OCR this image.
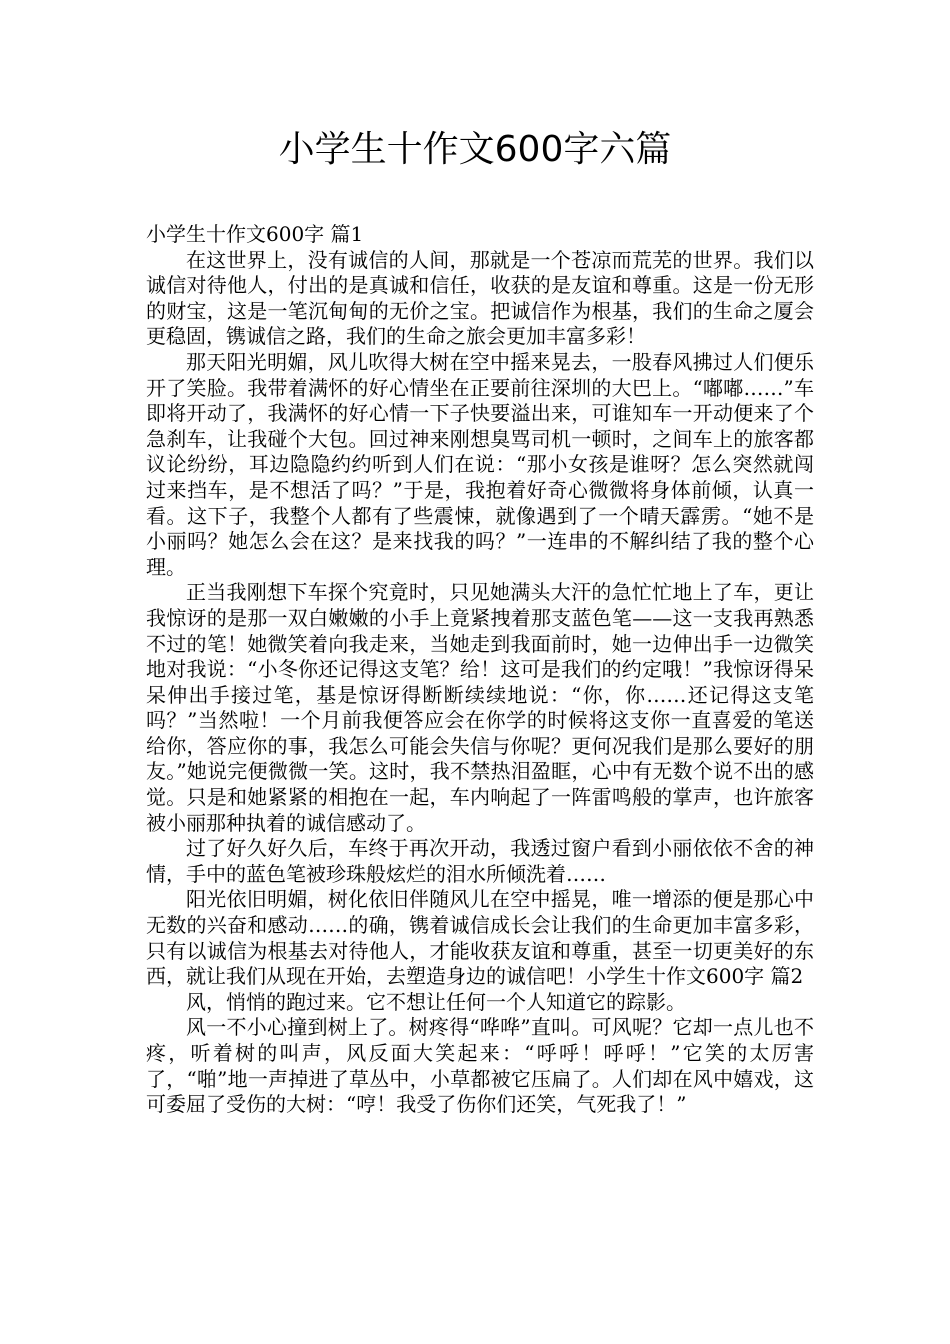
小学生十作文600字六篇

小学生十作文600字 篇1

在这世界上，没有诚信的人间，那就是一个苍凉而荒芜的世界。我们以诚信对待他人，付出的是真诚和信任，收获的是友谊和尊重。这是一份无形的财宝，这是一笔沉甸甸的无价之宝。把诚信作为根基，我们的生命之厦会更稳固，镌诚信之路，我们的生命之旅会更加丰富多彩！

那天阳光明媚，风儿吹得大树在空中摇来晃去，一股春风拂过人们便乐开了笑脸。我带着满怀的好心情坐在正要前往深圳的大巴上。“嘟嘟……”车即将开动了，我满怀的好心情一下子快要溢出来，可谁知车一开动便来了个急刹车，让我碰个大包。回过神来刚想臭骂司机一顿时，之间车上的旅客都议论纷纷，耳边隐隐约约听到人们在说：“那小女孩是谁呀？怎么突然就闯过来挡车，是不想活了吗？”于是，我抱着好奇心微微将身体前倾，认真一看。这下子，我整个人都有了些震悚，就像遇到了一个晴天霹雳。“她不是小丽吗？她怎么会在这？是来找我的吗？”一连串的不解纠结了我的整个心理。

正当我刚想下车探个究竟时，只见她满头大汗的急忙忙地上了车，更让我惊讶的是那一双白嫩嫩的小手上竟紧拽着那支蓝色笔——这一支我再熟悉不过的笔！她微笑着向我走来，当她走到我面前时，她一边伸出手一边微笑地对我说：“小冬你还记得这支笔？给！这可是我们的约定哦！”我惊讶得呆呆伸出手接过笔，基是惊讶得断断续续地说：“你，你……还记得这支笔吗？”当然啦！一个月前我便答应会在你学的时候将这支你一直喜爱的笔送给你，答应你的事，我怎么可能会失信与你呢？更何况我们是那么要好的朋友。”她说完便微微一笑。这时，我不禁热泪盈眶，心中有无数个说不出的感觉。只是和她紧紧的相抱在一起，车内响起了一阵雷鸣般的掌声，也许旅客被小丽那种执着的诚信感动了。

过了好久好久后，车终于再次开动，我透过窗户看到小丽依依不舍的神情，手中的蓝色笔被珍珠般炫烂的泪水所倾洗着……

阳光依旧明媚，树化依旧伴随风儿在空中摇晃，唯一增添的便是那心中无数的兴奋和感动……的确，镌着诚信成长会让我们的生命更加丰富多彩，只有以诚信为根基去对待他人，才能收获友谊和尊重，甚至一切更美好的东西，就让我们从现在开始，去塑造身边的诚信吧！小学生十作文600字 篇2

风，悄悄的跑过来。它不想让任何一个人知道它的踪影。

风一不小心撞到树上了。树疼得“哗哗”直叫。可风呢？它却一点儿也不疼，听着树的叫声，风反面大笑起来：“呼呼！呼呼！”它笑的太厉害了，“啪”地一声掉进了草丛中，小草都被它压扁了。人们却在风中嬉戏，这可委屈了受伤的大树：“哼！我受了伤你们还笑，气死我了！”
